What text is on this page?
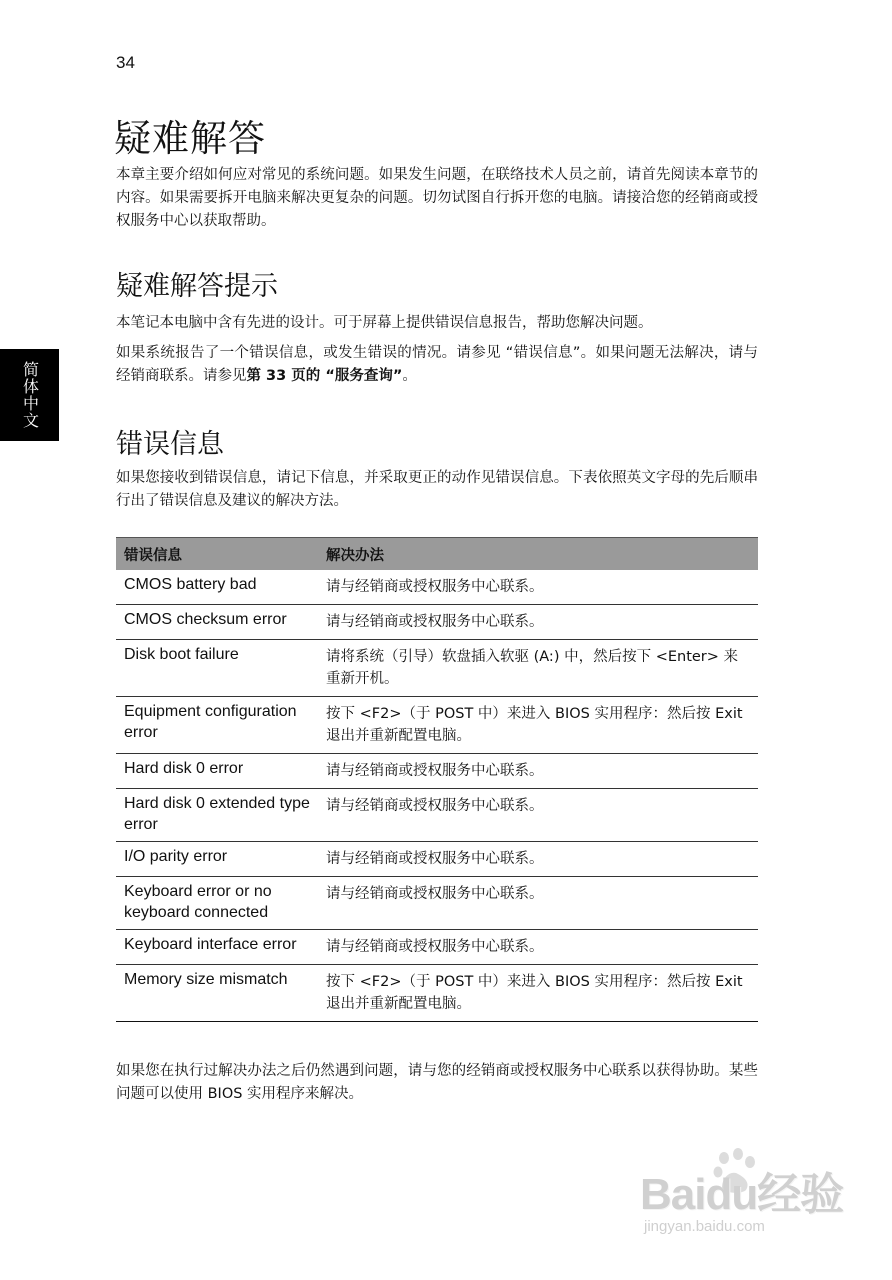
34
简体中文
疑难解答

本章主要介绍如何应对常见的系统问题。如果发生问题，在联络技术人员之前，请首先阅读本章节的内容。如果需要拆开电脑来解决更复杂的问题。切勿试图自行拆开您的电脑。请接洽您的经销商或授权服务中心以获取帮助。

疑难解答提示

本笔记本电脑中含有先进的设计。可于屏幕上提供错误信息报告，帮助您解决问题。

如果系统报告了一个错误信息，或发生错误的情况。请参见 “错误信息”。如果问题无法解决，请与经销商联系。请参见第 33 页的 “服务查询”。

错误信息

如果您接收到错误信息，请记下信息，并采取更正的动作见错误信息。下表依照英文字母的先后顺串行出了错误信息及建议的解决方法。

错误信息	解决办法
CMOS battery bad	请与经销商或授权服务中心联系。
CMOS checksum error	请与经销商或授权服务中心联系。
Disk boot failure	请将系统（引导）软盘插入软驱 (A:) 中，然后按下 <Enter> 来重新开机。
Equipment configuration error	按下 <F2>（于 POST 中）来进入 BIOS 实用程序：然后按 Exit 退出并重新配置电脑。
Hard disk 0 error	请与经销商或授权服务中心联系。
Hard disk 0 extended type error	请与经销商或授权服务中心联系。
I/O parity error	请与经销商或授权服务中心联系。
Keyboard error or no keyboard connected	请与经销商或授权服务中心联系。
Keyboard interface error	请与经销商或授权服务中心联系。
Memory size mismatch	按下 <F2>（于 POST 中）来进入 BIOS 实用程序：然后按 Exit 退出并重新配置电脑。

如果您在执行过解决办法之后仍然遇到问题，请与您的经销商或授权服务中心联系以获得协助。某些问题可以使用 BIOS 实用程序来解决。

Baidu经验
jingyan.baidu.com
